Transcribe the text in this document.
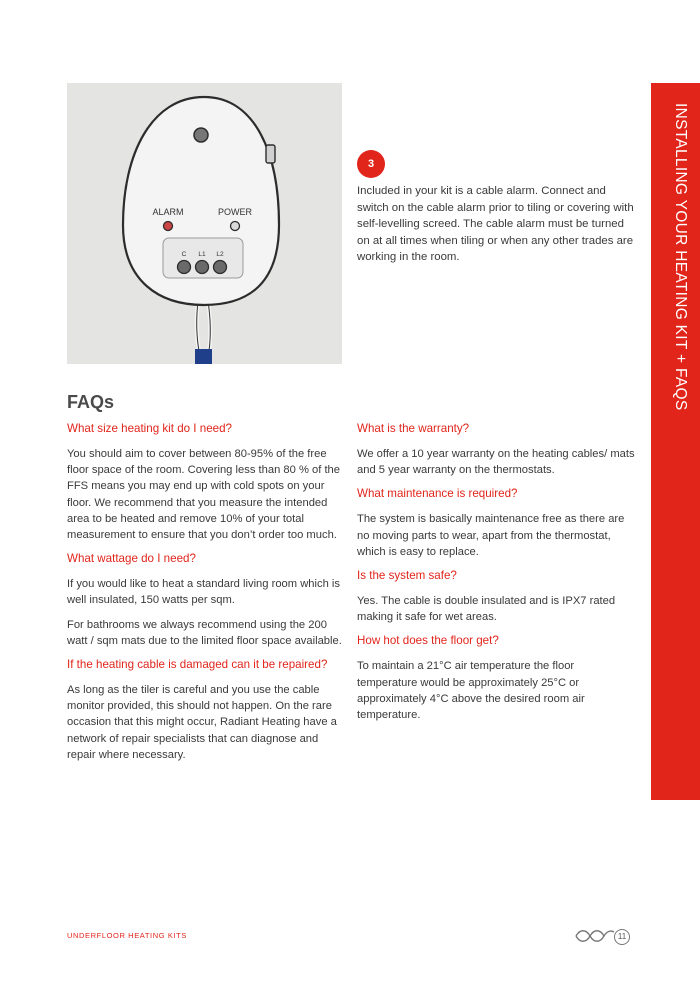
ALARM	POWER
C L1 L2	INSTALLING YOUR HEATING KIT + FAQS
3

Included in your kit is a cable alarm. Connect and switch on the cable alarm prior to tiling or covering with self-levelling screed. The cable alarm must be turned on at all times when tiling or when any other trades are working in the room.

FAQs

What size heating kit do I need?

You should aim to cover between 80-95% of the free floor space of the room. Covering less than 80 % of the FFS means you may end up with cold spots on your floor. We recommend that you measure the intended area to be heated and remove 10% of your total measurement to ensure that you don’t order too much.

What wattage do I need?

If you would like to heat a standard living room which is well insulated, 150 watts per sqm.

For bathrooms we always recommend using the 200 watt / sqm mats due to the limited floor space available.

If the heating cable is damaged can it be repaired?

As long as the tiler is careful and you use the cable monitor provided, this should not happen. On the rare occasion that this might occur, Radiant Heating have a network of repair specialists that can diagnose and repair where necessary.

What is the warranty?

We offer a 10 year warranty on the heating cables/ mats and 5 year warranty on the thermostats.

What maintenance is required?

The system is basically maintenance free as there are no moving parts to wear, apart from the thermostat, which is easy to replace.

Is the system safe?

Yes. The cable is double insulated and is IPX7 rated making it safe for wet areas.

How hot does the floor get?

To maintain a 21°C air temperature the floor temperature would be approximately 25°C or approximately 4°C above the desired room air temperature.

UNDERFLOOR HEATING KITS	11
